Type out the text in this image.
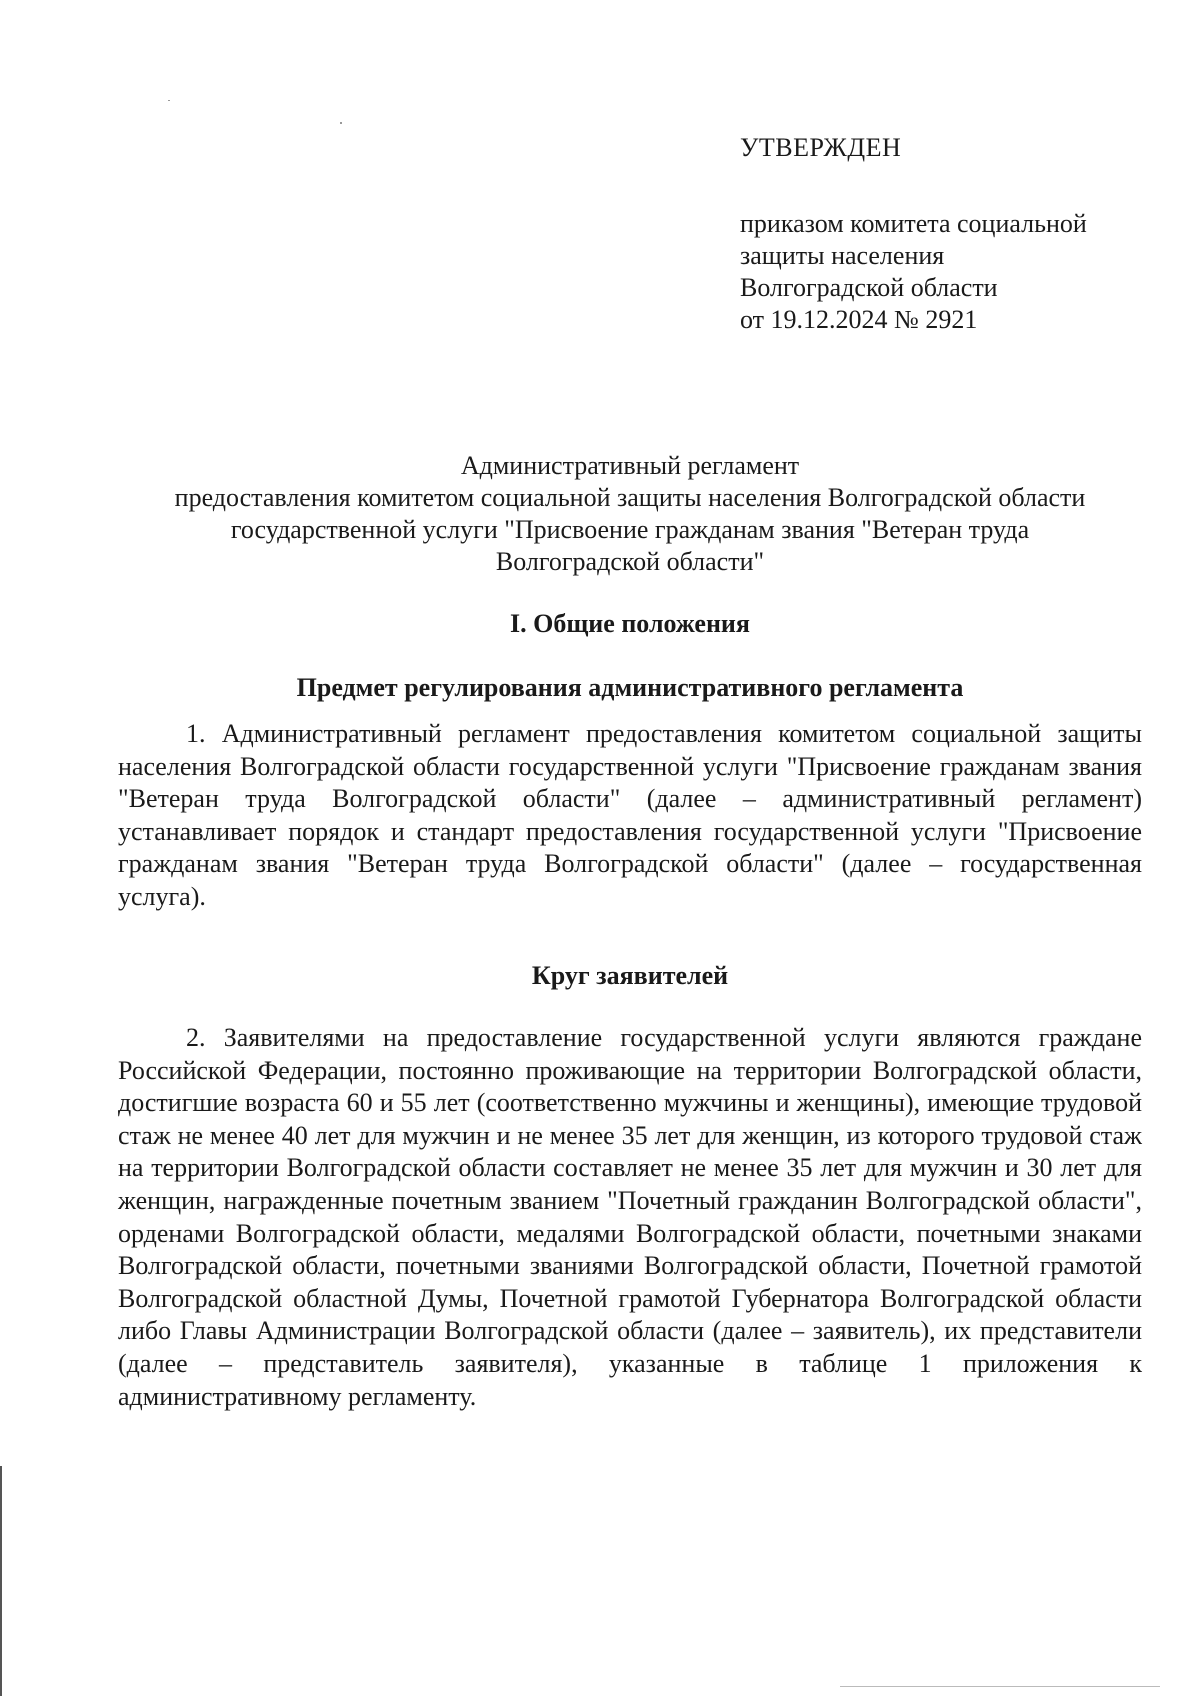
УТВЕРЖДЕН
приказом комитета социальной
защиты населения
Волгоградской области
от 19.12.2024 № 2921
Административный регламент
предоставления комитетом социальной защиты населения Волгоградской области
государственной услуги "Присвоение гражданам звания "Ветеран труда
Волгоградской области"
I. Общие положения
Предмет регулирования административного регламента

1. Административный регламент предоставления комитетом социальной защиты населения Волгоградской области государственной услуги "Присвоение гражданам звания "Ветеран труда Волгоградской области" (далее – административный регламент) устанавливает порядок и стандарт предоставления государственной услуги "Присвоение гражданам звания "Ветеран труда Волгоградской области" (далее – государственная услуга).

Круг заявителей

2. Заявителями на предоставление государственной услуги являются граждане Российской Федерации, постоянно проживающие на территории Волгоградской области, достигшие возраста 60 и 55 лет (соответственно мужчины и женщины), имеющие трудовой стаж не менее 40 лет для мужчин и не менее 35 лет для женщин, из которого трудовой стаж на территории Волгоградской области составляет не менее 35 лет для мужчин и 30 лет для женщин, награжденные почетным званием "Почетный гражданин Волгоградской области", орденами Волгоградской области, медалями Волгоградской области, почетными знаками Волгоградской области, почетными званиями Волгоградской области, Почетной грамотой Волгоградской областной Думы, Почетной грамотой Губернатора Волгоградской области либо Главы Администрации Волгоградской области (далее – заявитель), их представители (далее – представитель заявителя), указанные в таблице 1 приложения к административному регламенту.
